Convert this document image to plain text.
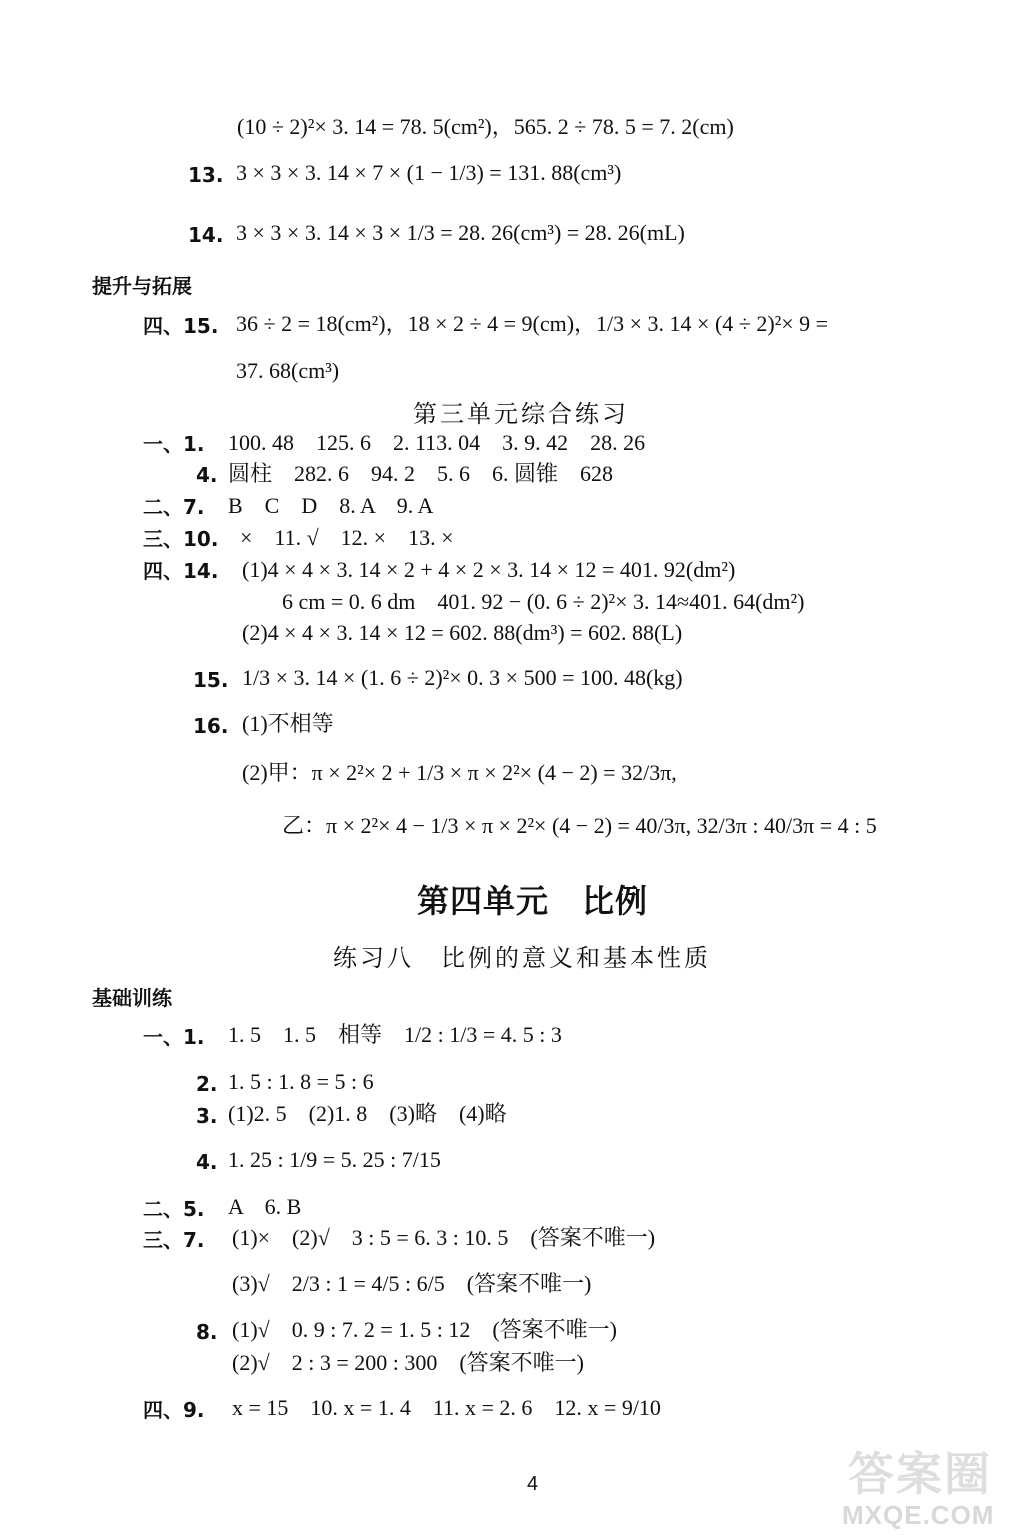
(10 ÷ 2)²× 3. 14 = 78. 5(cm²)，565. 2 ÷ 78. 5 = 7. 2(cm)
13. 3 × 3 × 3. 14 × 7 × (1 − 1/3) = 131. 88(cm³)
14. 3 × 3 × 3. 14 × 3 × 1/3 = 28. 26(cm³) = 28. 26(mL)
提升与拓展
四、15. 36 ÷ 2 = 18(cm²)，18 × 2 ÷ 4 = 9(cm)，1/3 × 3. 14 × (4 ÷ 2)²× 9 =
37. 68(cm³)
第三单元综合练习
一、1. 100. 48　125. 6　2. 113. 04　3. 9. 42　28. 26
4. 圆柱　282. 6　94. 2　5. 6　6. 圆锥　628
二、7. B　C　D　8. A　9. A
三、10. ×　11. √　12. ×　13. ×
四、14. (1)4 × 4 × 3. 14 × 2 + 4 × 2 × 3. 14 × 12 = 401. 92(dm²)
6 cm = 0. 6 dm　401. 92 − (0. 6 ÷ 2)²× 3. 14≈401. 64(dm²)
(2)4 × 4 × 3. 14 × 12 = 602. 88(dm³) = 602. 88(L)
15. 1/3 × 3. 14 × (1. 6 ÷ 2)²× 0. 3 × 500 = 100. 48(kg)
16. (1)不相等
(2)甲：π × 2²× 2 + 1/3 × π × 2²× (4 − 2) = 32/3π,
乙：π × 2²× 4 − 1/3 × π × 2²× (4 − 2) = 40/3π, 32/3π : 40/3π = 4 : 5
第四单元　比例
练习八　比例的意义和基本性质
基础训练
一、1. 1. 5　1. 5　相等　1/2 : 1/3 = 4. 5 : 3
2. 1. 5 : 1. 8 = 5 : 6
3. (1)2. 5　(2)1. 8　(3)略　(4)略
4. 1. 25 : 1/9 = 5. 25 : 7/15
二、5. A　6. B
三、7. (1)×　(2)√　3 : 5 = 6. 3 : 10. 5　(答案不唯一)
(3)√　2/3 : 1 = 4/5 : 6/5　(答案不唯一)
8. (1)√　0. 9 : 7. 2 = 1. 5 : 12　(答案不唯一)
(2)√　2 : 3 = 200 : 300　(答案不唯一)
四、9. x = 15　10. x = 1. 4　11. x = 2. 6　12. x = 9/10
4	答案圈
MXQE.COM
